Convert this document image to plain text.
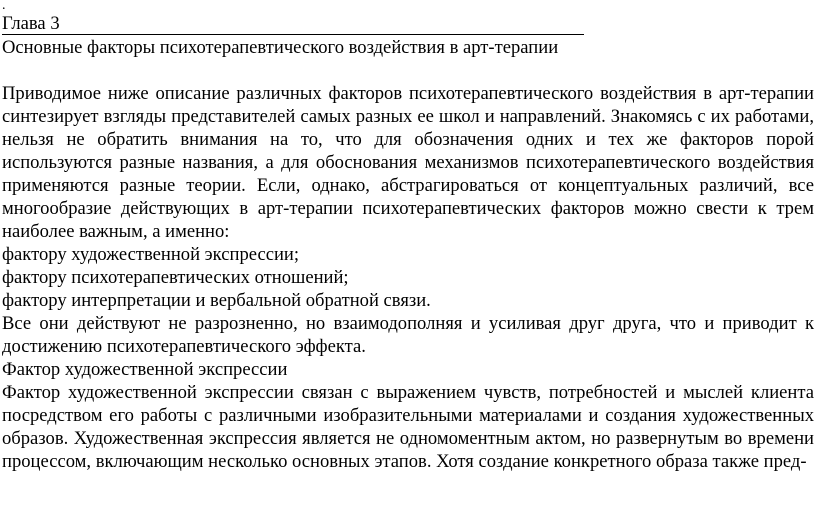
.
Глава 3
Основные факторы психотерапевтического воздействия в арт-терапии

Приводимое ниже описание различных факторов психотерапевтического воздействия в арт-терапии синтезирует взгляды представителей самых разных ее школ и направлений. Знакомясь с их работами, нельзя не обратить внимания на то, что для обозначения одних и тех же факторов порой используются разные названия, а для обоснования механизмов психотерапевтического воздействия применяются разные теории. Если, однако, абстрагироваться от концептуальных различий, все многообразие действующих в арт-терапии психотерапевтических факторов можно свести к трем наиболее важным, а именно:

фактору художественной экспрессии;

фактору психотерапевтических отношений;

фактору интерпретации и вербальной обратной связи.

Все они действуют не разрозненно, но взаимодополняя и усиливая друг друга, что и приводит к достижению психотерапевтического эффекта.

Фактор художественной экспрессии

Фактор художественной экспрессии связан с выражением чувств, потребностей и мыслей клиента посредством его работы с различными изобразительными материалами и создания художественных образов. Художественная экспрессия является не одномоментным актом, но развернутым во времени процессом, включающим несколько основных этапов. Хотя создание конкретного образа также пред-
